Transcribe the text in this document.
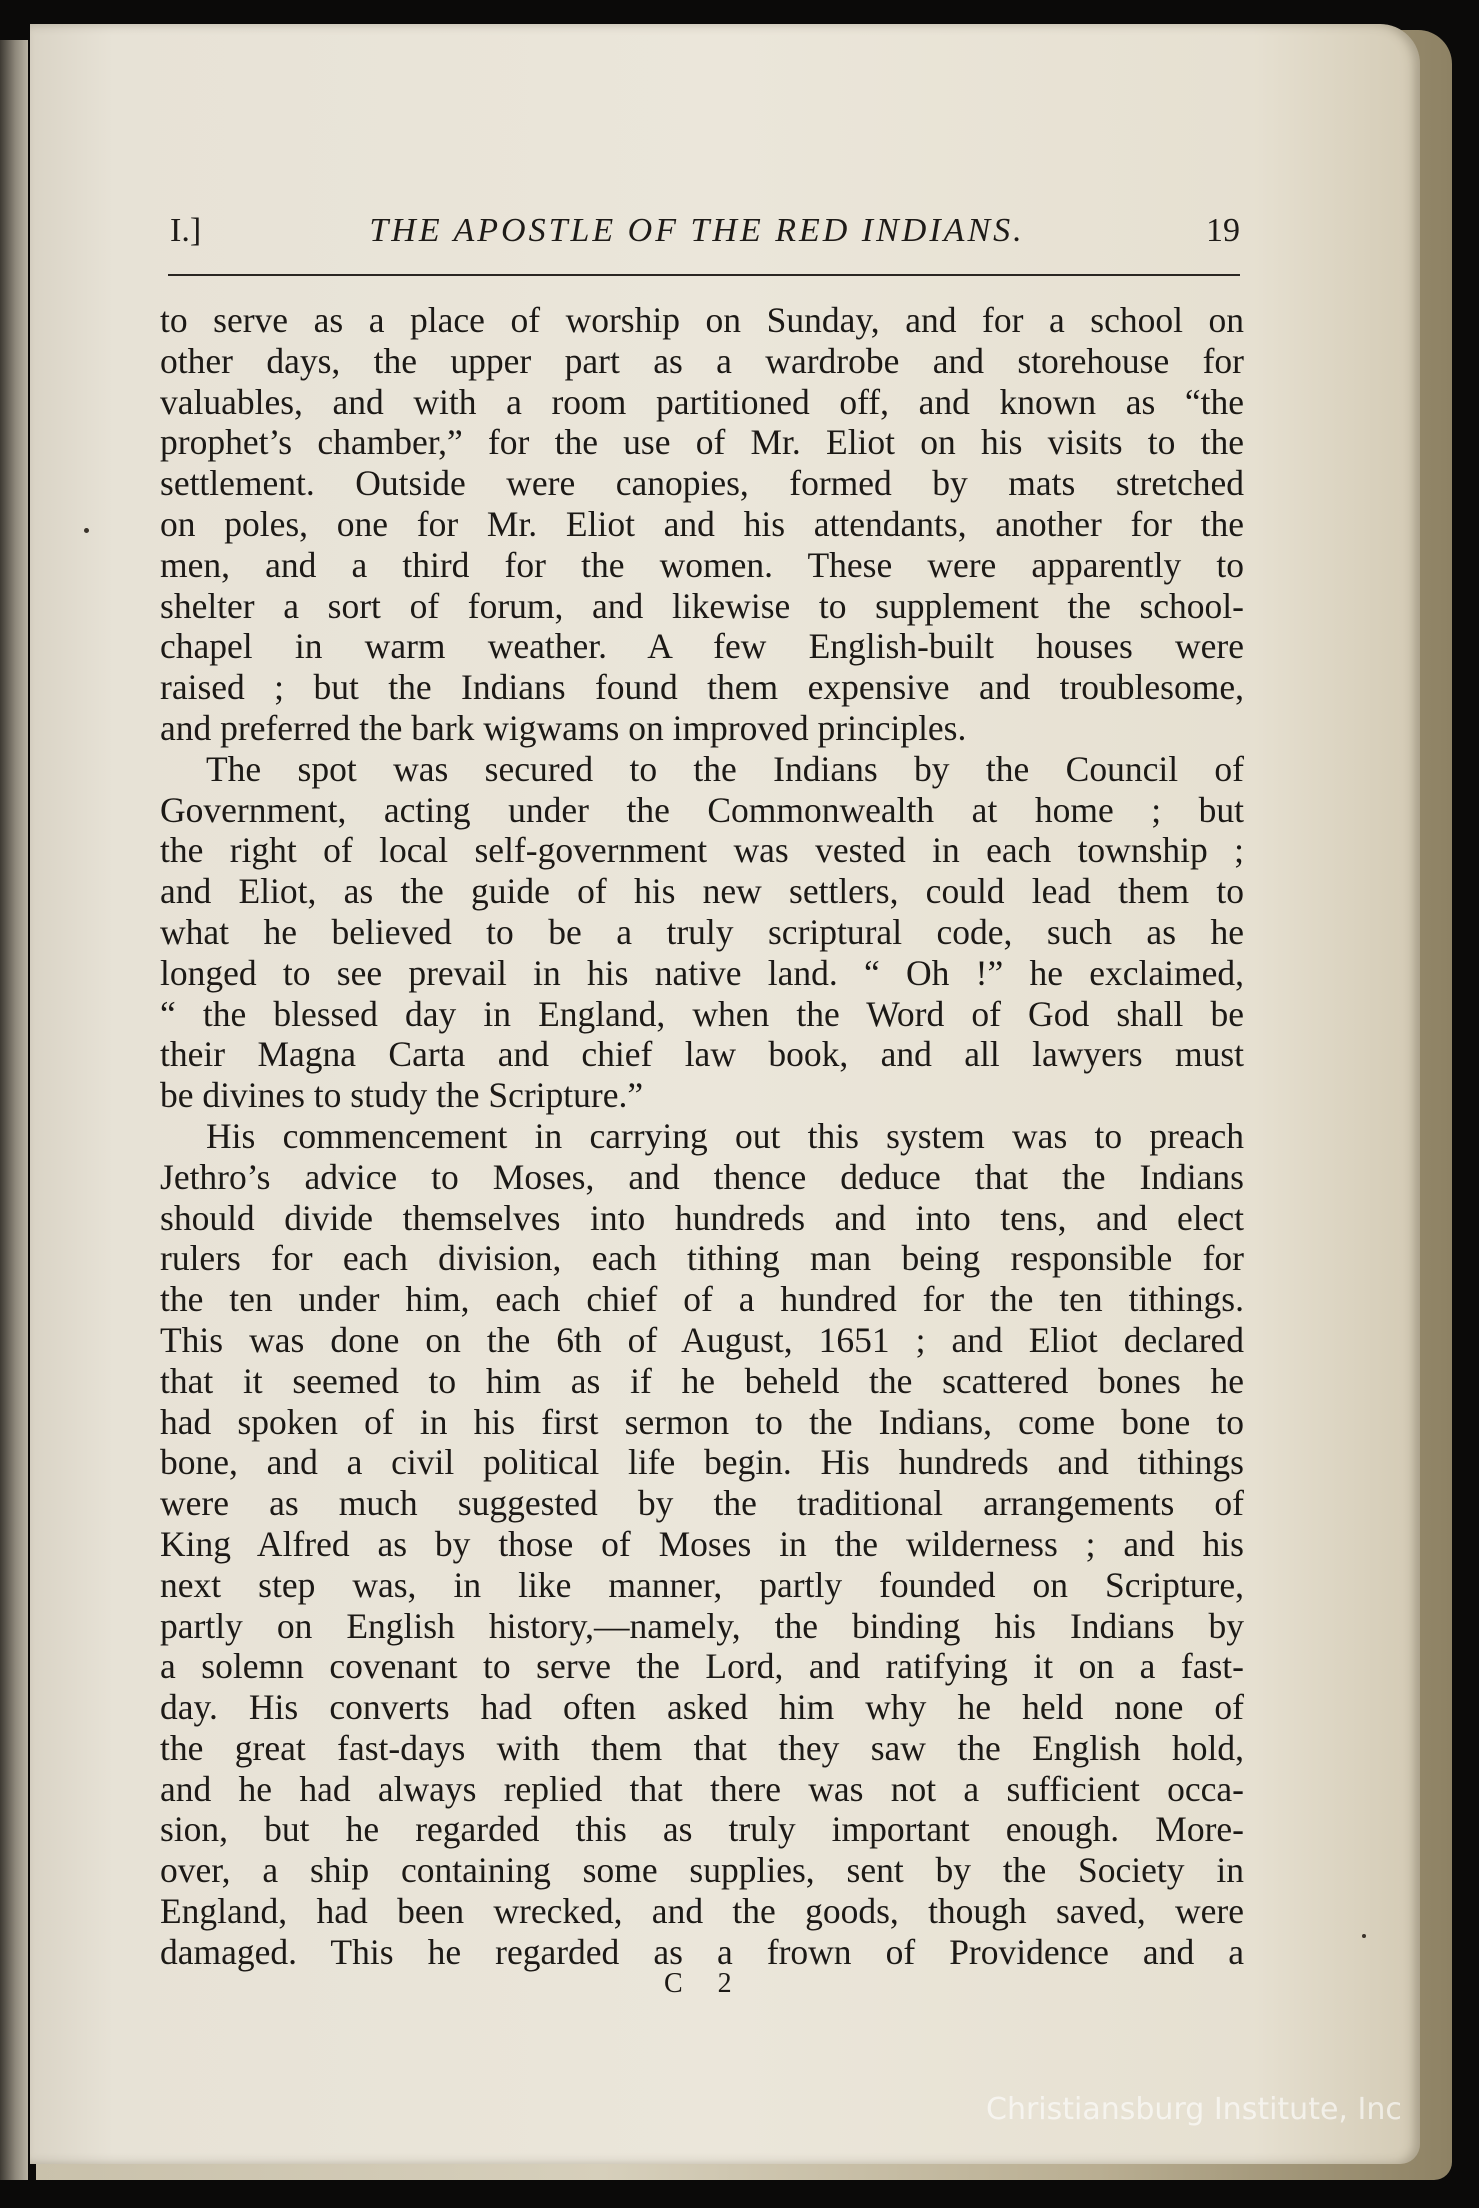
I.]	THE APOSTLE OF THE RED INDIANS.	19

to serve as a place of worship on Sunday, and for a school on
other days, the upper part as a wardrobe and storehouse for
valuables, and with a room partitioned off, and known as “the
prophet’s chamber,” for the use of Mr. Eliot on his visits to the
settlement. Outside were canopies, formed by mats stretched
on poles, one for Mr. Eliot and his attendants, another for the
men, and a third for the women. These were apparently to
shelter a sort of forum, and likewise to supplement the school-
chapel in warm weather. A few English-built houses were
raised ; but the Indians found them expensive and troublesome,
and preferred the bark wigwams on improved principles.

The spot was secured to the Indians by the Council of
Government, acting under the Commonwealth at home ; but
the right of local self-government was vested in each township ;
and Eliot, as the guide of his new settlers, could lead them to
what he believed to be a truly scriptural code, such as he
longed to see prevail in his native land. “ Oh !” he exclaimed,
“ the blessed day in England, when the Word of God shall be
their Magna Carta and chief law book, and all lawyers must
be divines to study the Scripture.”

His commencement in carrying out this system was to preach
Jethro’s advice to Moses, and thence deduce that the Indians
should divide themselves into hundreds and into tens, and elect
rulers for each division, each tithing man being responsible for
the ten under him, each chief of a hundred for the ten tithings.
This was done on the 6th of August, 1651 ; and Eliot declared
that it seemed to him as if he beheld the scattered bones he
had spoken of in his first sermon to the Indians, come bone to
bone, and a civil political life begin. His hundreds and tithings
were as much suggested by the traditional arrangements of
King Alfred as by those of Moses in the wilderness ; and his
next step was, in like manner, partly founded on Scripture,
partly on English history,—namely, the binding his Indians by
a solemn covenant to serve the Lord, and ratifying it on a fast-
day. His converts had often asked him why he held none of
the great fast-days with them that they saw the English hold,
and he had always replied that there was not a sufficient occa-
sion, but he regarded this as truly important enough. More-
over, a ship containing some supplies, sent by the Society in
England, had been wrecked, and the goods, though saved, were
damaged. This he regarded as a frown of Providence and a

C 2
Christiansburg Institute, Inc
